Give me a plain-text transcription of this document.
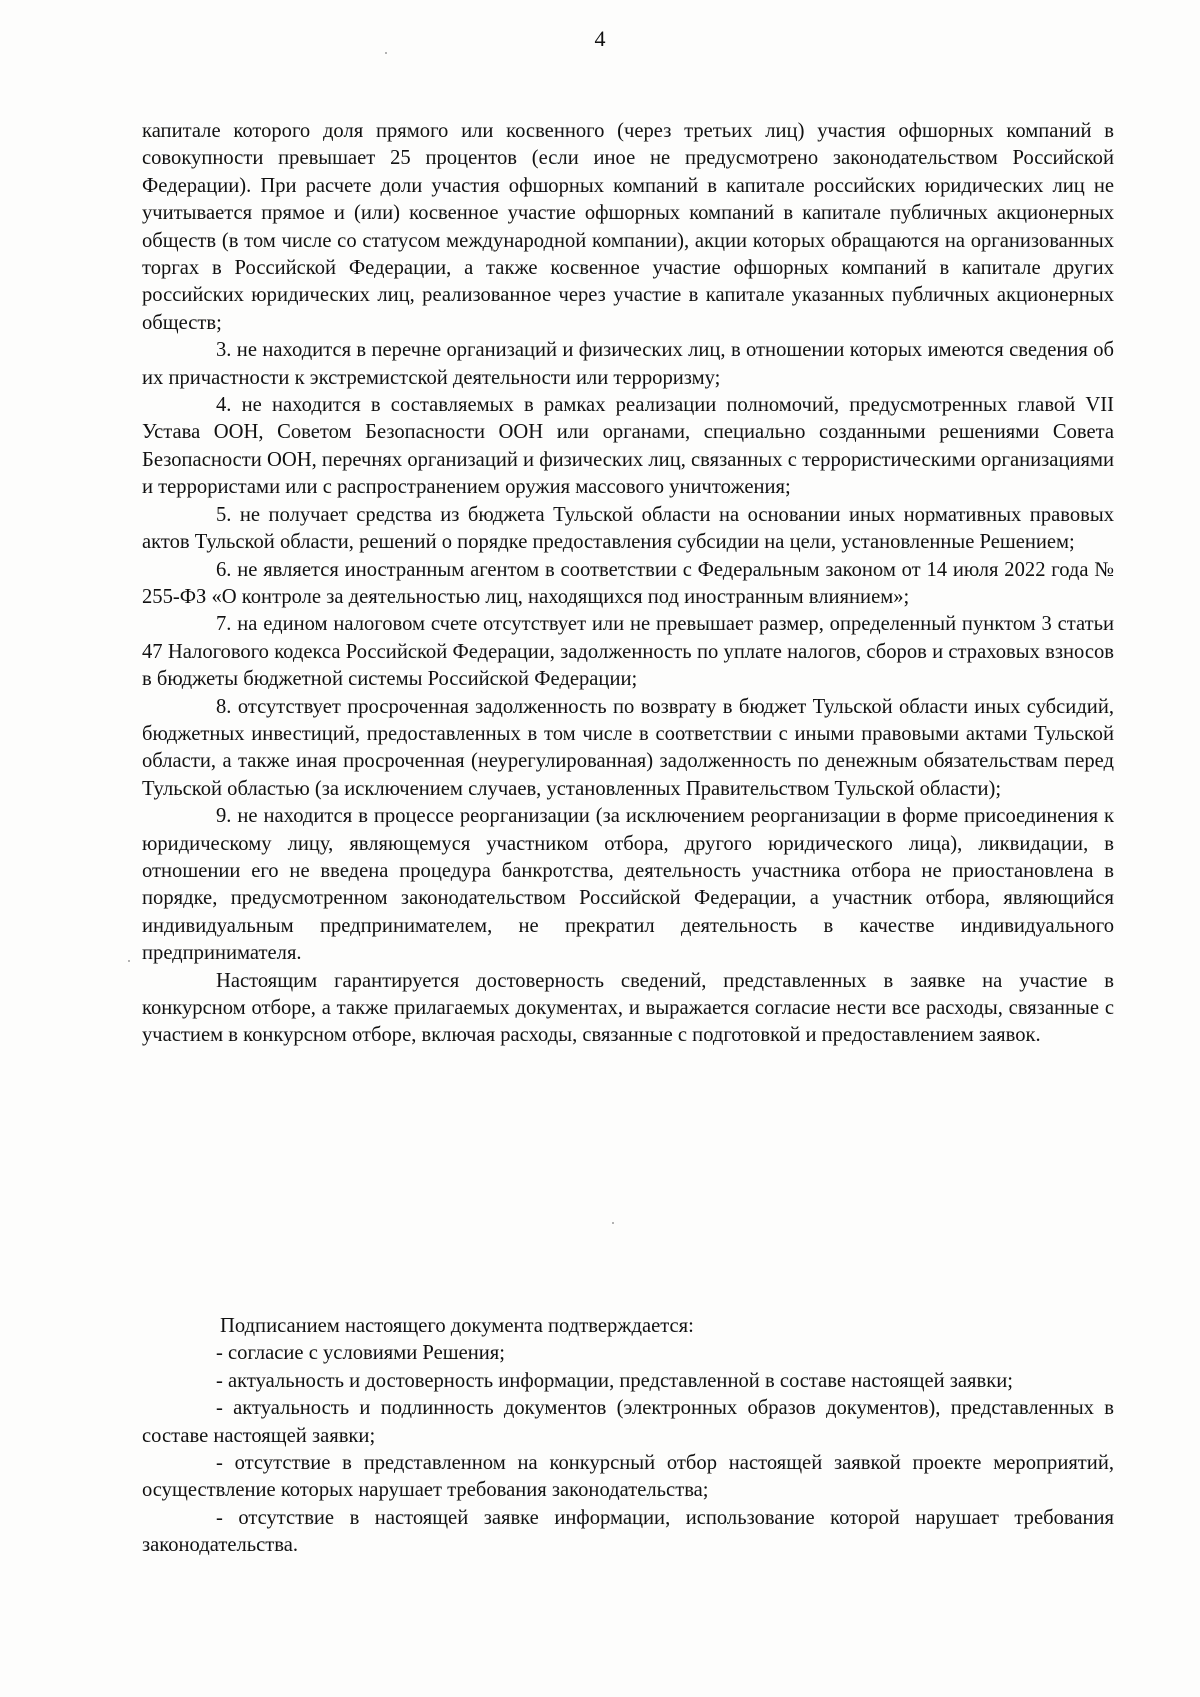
4

капитале которого доля прямого или косвенного (через третьих лиц) участия офшорных компаний в совокупности превышает 25 процентов (если иное не предусмотрено законодательством Российской Федерации). При расчете доли участия офшорных компаний в капитале российских юридических лиц не учитывается прямое и (или) косвенное участие офшорных компаний в капитале публичных акционерных обществ (в том числе со статусом международной компании), акции которых обращаются на организованных торгах в Российской Федерации, а также косвенное участие офшорных компаний в капитале других российских юридических лиц, реализованное через участие в капитале указанных публичных акционерных обществ;

3. не находится в перечне организаций и физических лиц, в отношении которых имеются сведения об их причастности к экстремистской деятельности или терроризму;

4. не находится в составляемых в рамках реализации полномочий, предусмотренных главой VII Устава ООН, Советом Безопасности ООН или органами, специально созданными решениями Совета Безопасности ООН, перечнях организаций и физических лиц, связанных с террористическими организациями и террористами или с распространением оружия массового уничтожения;

5. не получает средства из бюджета Тульской области на основании иных нормативных правовых актов Тульской области, решений о порядке предоставления субсидии на цели, установленные Решением;

6. не является иностранным агентом в соответствии с Федеральным законом от 14 июля 2022 года № 255-ФЗ «О контроле за деятельностью лиц, находящихся под иностранным влиянием»;

7. на едином налоговом счете отсутствует или не превышает размер, определенный пунктом 3 статьи 47 Налогового кодекса Российской Федерации, задолженность по уплате налогов, сборов и страховых взносов в бюджеты бюджетной системы Российской Федерации;

8. отсутствует просроченная задолженность по возврату в бюджет Тульской области иных субсидий, бюджетных инвестиций, предоставленных в том числе в соответствии с иными правовыми актами Тульской области, а также иная просроченная (неурегулированная) задолженность по денежным обязательствам перед Тульской областью (за исключением случаев, установленных Правительством Тульской области);

9. не находится в процессе реорганизации (за исключением реорганизации в форме присоединения к юридическому лицу, являющемуся участником отбора, другого юридического лица), ликвидации, в отношении его не введена процедура банкротства, деятельность участника отбора не приостановлена в порядке, предусмотренном законодательством Российской Федерации, а участник отбора, являющийся индивидуальным предпринимателем, не прекратил деятельность в качестве индивидуального предпринимателя.

Настоящим гарантируется достоверность сведений, представленных в заявке на участие в конкурсном отборе, а также прилагаемых документах, и выражается согласие нести все расходы, связанные с участием в конкурсном отборе, включая расходы, связанные с подготовкой и предоставлением заявок.

Подписанием настоящего документа подтверждается:

- согласие с условиями Решения;

- актуальность и достоверность информации, представленной в составе настоящей заявки;

- актуальность и подлинность документов (электронных образов документов), представленных в составе настоящей заявки;

- отсутствие в представленном на конкурсный отбор настоящей заявкой проекте мероприятий, осуществление которых нарушает требования законодательства;

- отсутствие в настоящей заявке информации, использование которой нарушает требования законодательства.
